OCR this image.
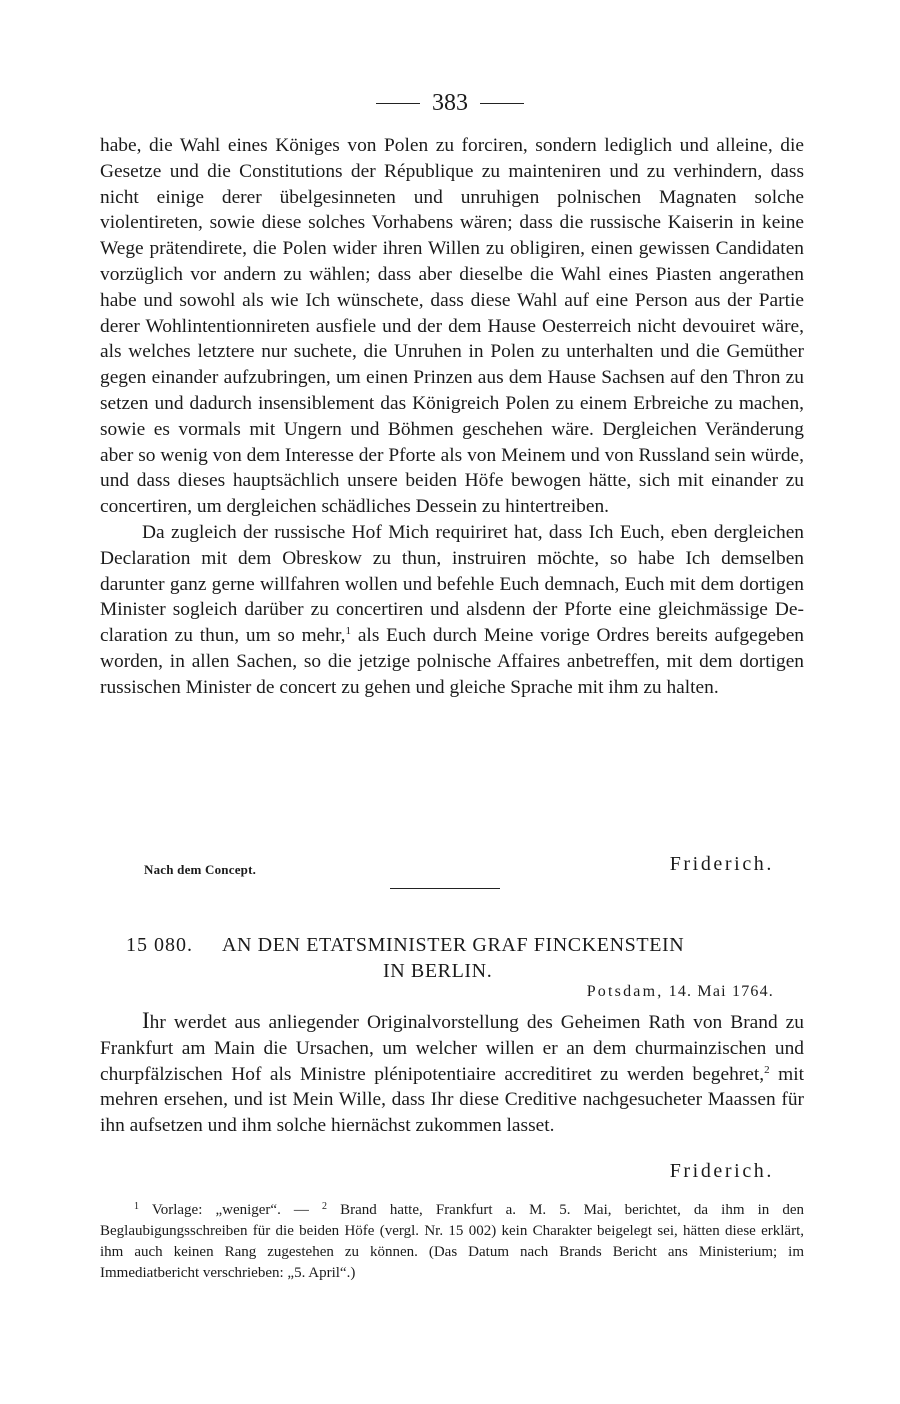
383

habe, die Wahl eines Königes von Polen zu forciren, sondern lediglich und alleine, die Gesetze und die Constitutions der République zu mainteniren und zu verhindern, dass nicht einige derer übelgesinneten und unruhigen polnischen Magnaten solche violentireten, sowie diese solches Vorhabens wären; dass die russische Kaiserin in keine Wege prätendirete, die Polen wider ihren Willen zu obligiren, einen gewissen Candidaten vorzüglich vor andern zu wählen; dass aber dieselbe die Wahl eines Piasten angerathen habe und sowohl als wie Ich wünschete, dass diese Wahl auf eine Person aus der Partie derer Wohlintentionnireten ausfiele und der dem Hause Oesterreich nicht devouiret wäre, als welches letztere nur suchete, die Unruhen in Polen zu unterhalten und die Gemüther gegen einander aufzubringen, um einen Prinzen aus dem Hause Sachsen auf den Thron zu setzen und dadurch insensiblement das Königreich Polen zu einem Erbreiche zu machen, sowie es vormals mit Ungern und Böhmen geschehen wäre. Dergleichen Veränderung aber so wenig von dem Interesse der Pforte als von Meinem und von Russland sein würde, und dass dieses hauptsächlich unsere beiden Höfe bewogen hätte, sich mit einander zu concertiren, um dergleichen schädliches Dessein zu hintertreiben.

Da zugleich der russische Hof Mich requiriret hat, dass Ich Euch, eben dergleichen Declaration mit dem Obreskow zu thun, instruiren möchte, so habe Ich demselben darunter ganz gerne willfahren wollen und befehle Euch demnach, Euch mit dem dortigen Minister sogleich darüber zu concertiren und alsdenn der Pforte eine gleichmässige Declaration zu thun, um so mehr,$^1$ als Euch durch Meine vorige Ordres bereits aufgegeben worden, in allen Sachen, so die jetzige polnische Affaires anbetreffen, mit dem dortigen russischen Minister de concert zu gehen und gleiche Sprache mit ihm zu halten.

Nach dem Concept.	Friderich.
15 080. AN DEN ETATSMINISTER GRAF FINCKENSTEIN
IN BERLIN.
Potsdam, 14. Mai 1764.

Ihr werdet aus anliegender Originalvorstellung des Geheimen Rath von Brand zu Frankfurt am Main die Ursachen, um welcher willen er an dem churmainzischen und churpfälzischen Hof als Ministre plénipotentiaire accreditiret zu werden begehret,$^2$ mit mehren ersehen, und ist Mein Wille, dass Ihr diese Creditive nachgesucheter Maassen für ihn aufsetzen und ihm solche hiernächst zukommen lasset.

Friderich.

$^1$ Vorlage: „weniger“. — $^2$ Brand hatte, Frankfurt a. M. 5. Mai, berichtet, da ihm in den Beglaubigungsschreiben für die beiden Höfe (vergl. Nr. 15 002) kein Charakter beigelegt sei, hätten diese erklärt, ihm auch keinen Rang zugestehen zu können. (Das Datum nach Brands Bericht ans Ministerium; im Immediatbericht verschrieben: „5. April“.)
